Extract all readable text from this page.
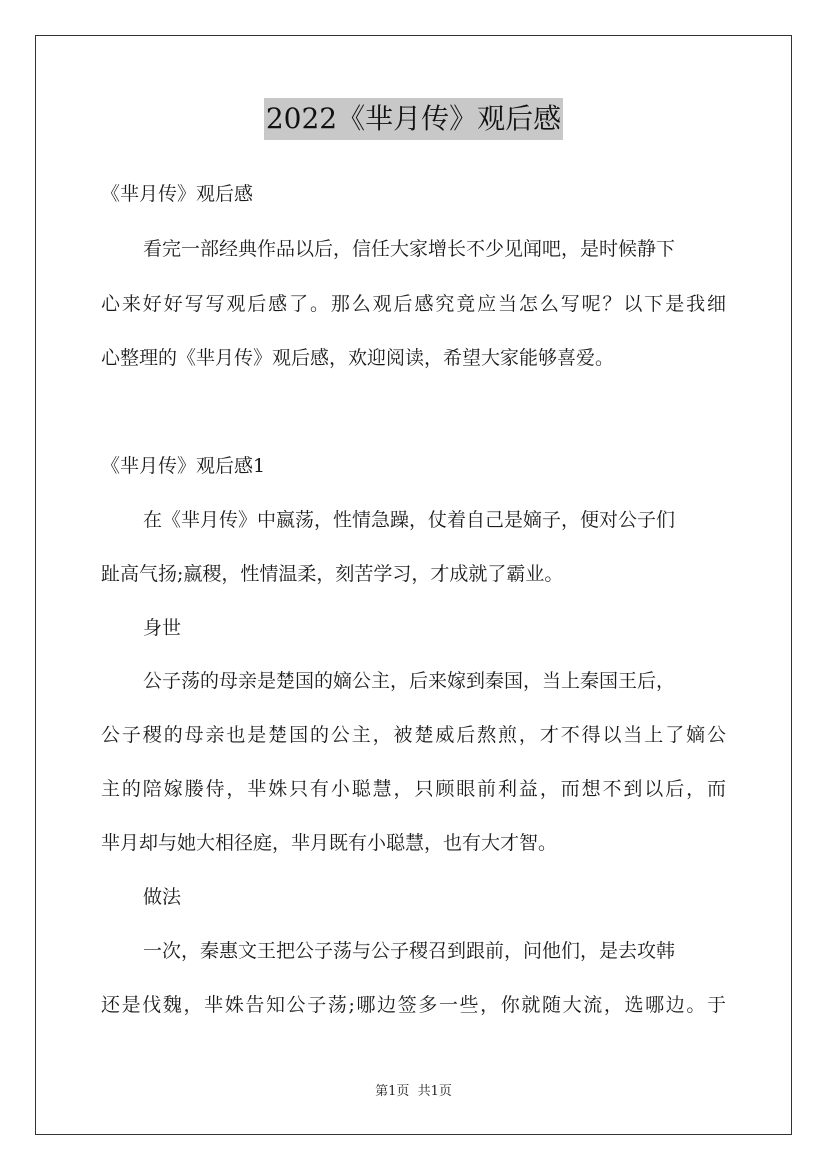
2022《芈月传》观后感
《芈月传》观后感
看完一部经典作品以后，信任大家增长不少见闻吧，是时候静下
心来好好写写观后感了。那么观后感究竟应当怎么写呢？以下是我细
心整理的《芈月传》观后感，欢迎阅读，希望大家能够喜爱。
《芈月传》观后感1
在《芈月传》中嬴荡，性情急躁，仗着自己是嫡子，便对公子们
趾高气扬;嬴稷，性情温柔，刻苦学习，才成就了霸业。
身世
公子荡的母亲是楚国的嫡公主，后来嫁到秦国，当上秦国王后，
公子稷的母亲也是楚国的公主，被楚威后熬煎，才不得以当上了嫡公
主的陪嫁媵侍，芈姝只有小聪慧，只顾眼前利益，而想不到以后，而
芈月却与她大相径庭，芈月既有小聪慧，也有大才智。
做法
一次，秦惠文王把公子荡与公子稷召到跟前，问他们，是去攻韩
还是伐魏，芈姝告知公子荡;哪边签多一些，你就随大流，选哪边。于
第1页  共1页
